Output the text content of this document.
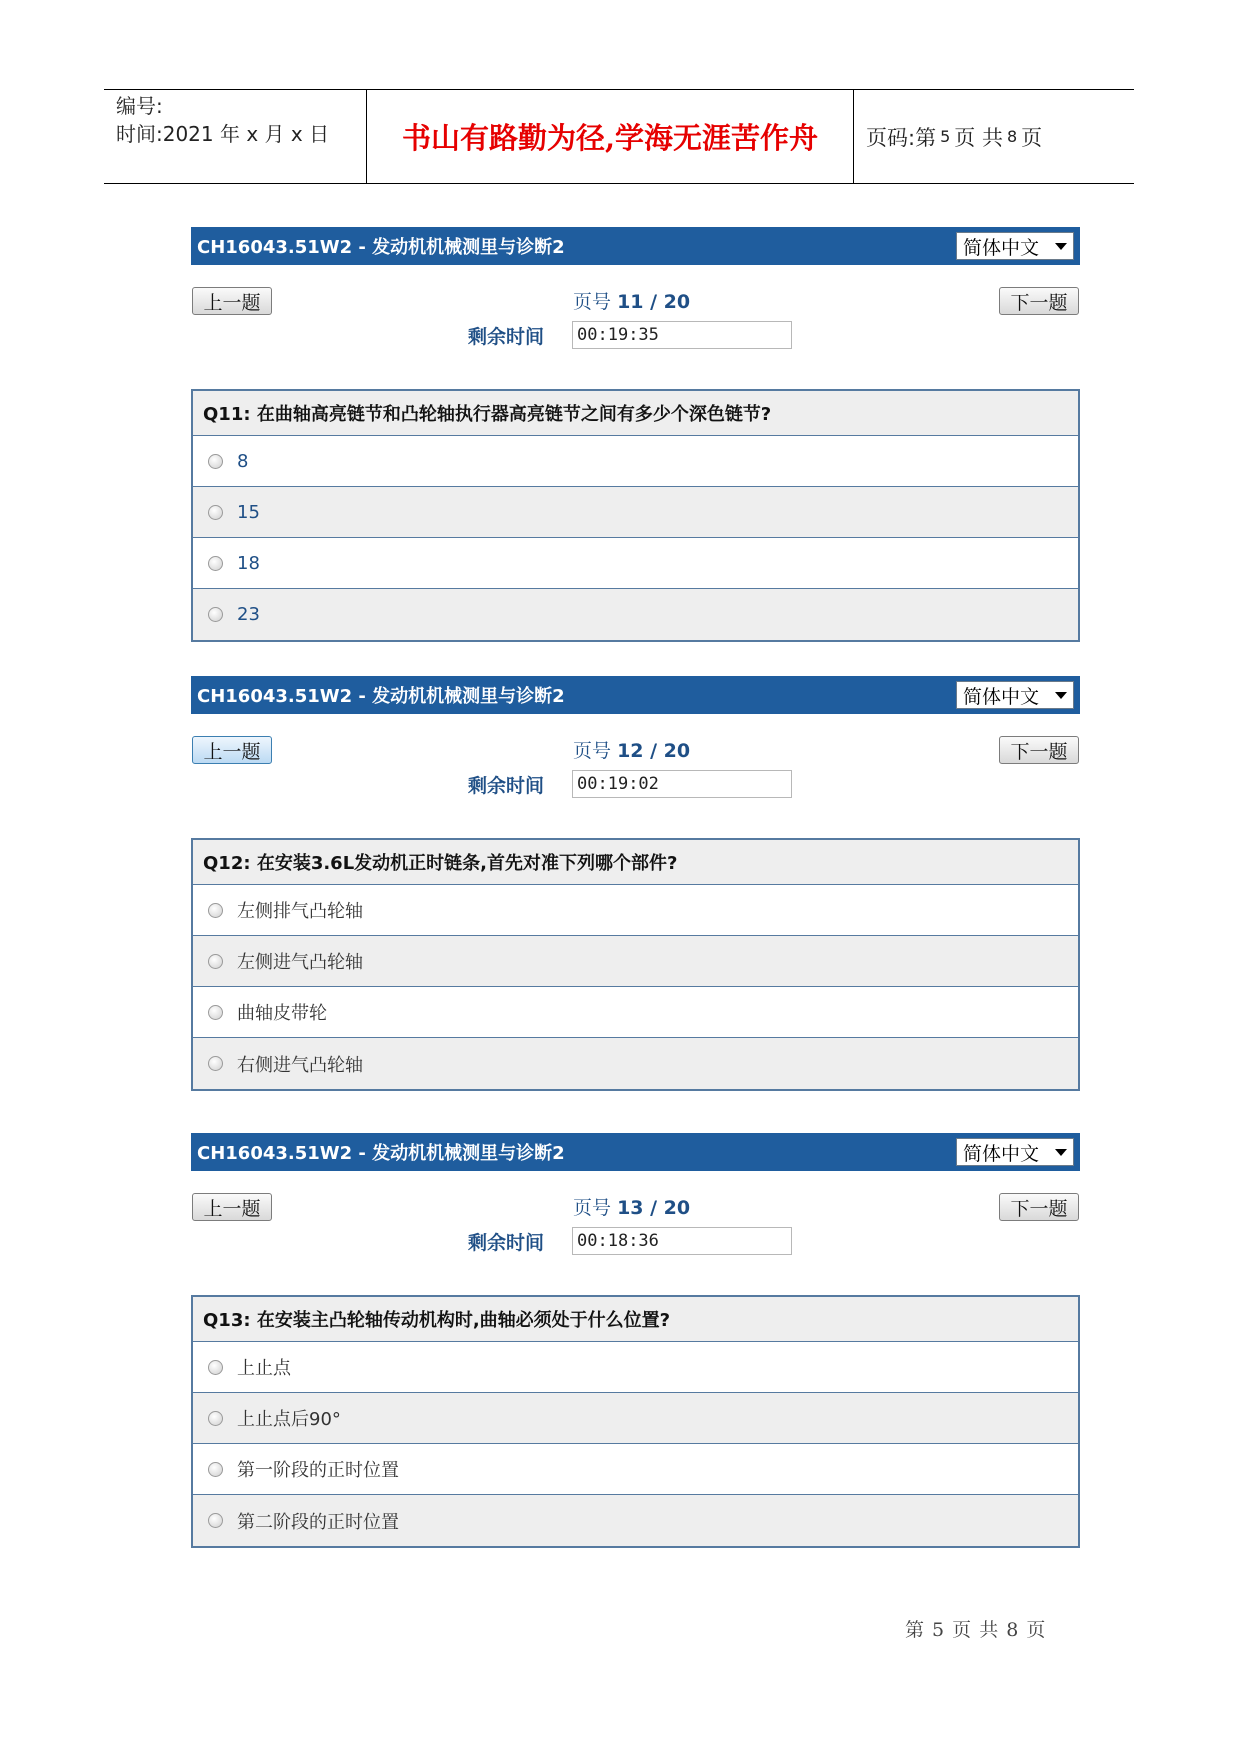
编号:
时间:2021 年 x 月 x 日	书山有路勤为径,学海无涯苦作舟	页码:第 5 页 共 8 页
CH16043.51W2 - 发动机机械测里与诊断2	简体中文
上一题	页号 11 / 20	下一题
剩余时间 00:19:35
Q11: 在曲轴高亮链节和凸轮轴执行器高亮链节之间有多少个深色链节?
8
15
18
23
CH16043.51W2 - 发动机机械测里与诊断2	简体中文
上一题	页号 12 / 20	下一题
剩余时间 00:19:02
Q12: 在安装3.6L发动机正时链条,首先对准下列哪个部件?
左侧排气凸轮轴
左侧进气凸轮轴
曲轴皮带轮
右侧进气凸轮轴
CH16043.51W2 - 发动机机械测里与诊断2	简体中文
上一题	页号 13 / 20	下一题
剩余时间 00:18:36
Q13: 在安装主凸轮轴传动机构时,曲轴必须处于什么位置?
上止点
上止点后90°
第一阶段的正时位置
第二阶段的正时位置
第 5 页 共 8 页
